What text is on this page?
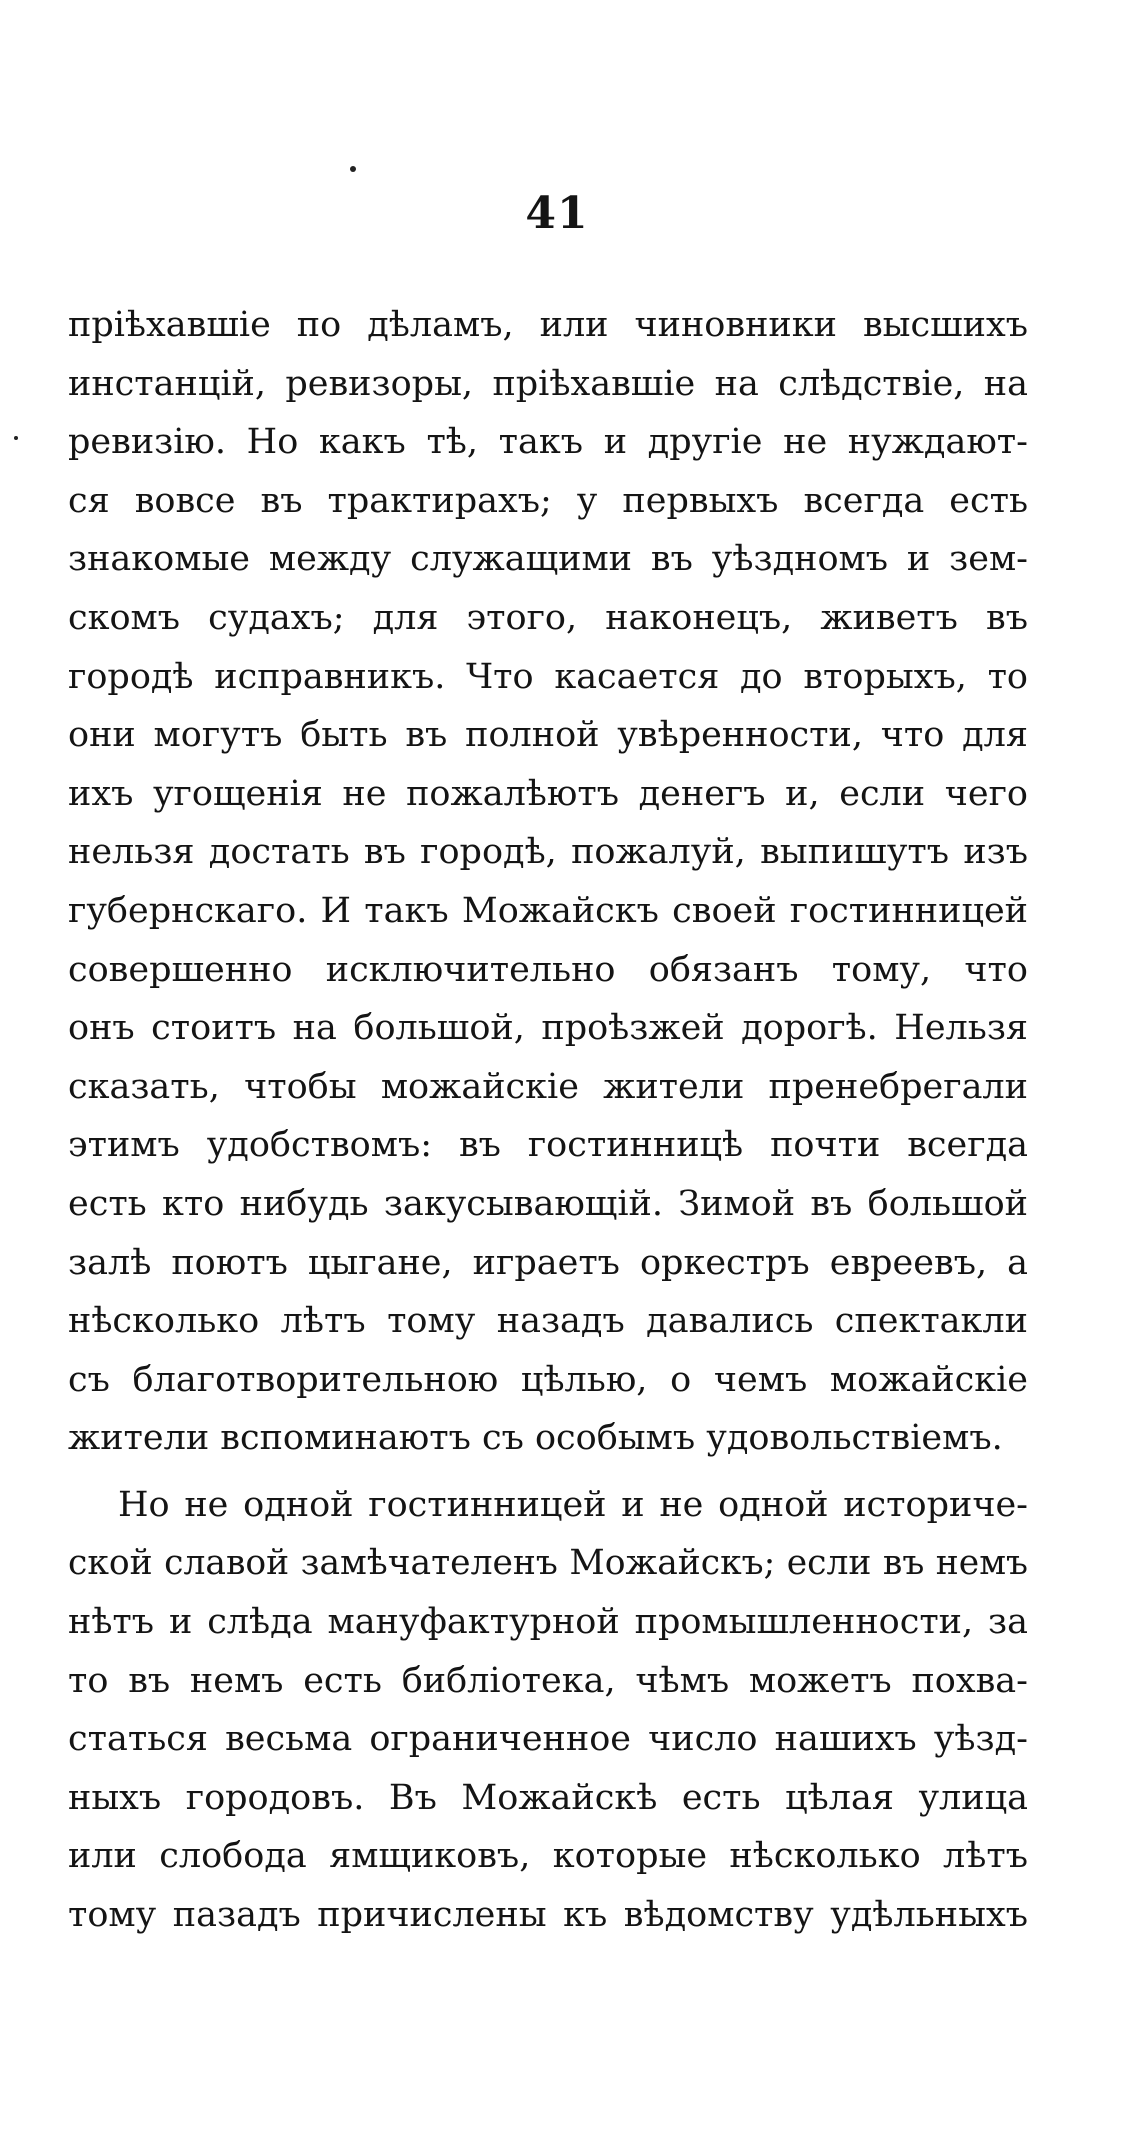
41
пріѣхавшіе по дѣламъ, или чиновники высшихъ
инстанцій, ревизоры, пріѣхавшіе на слѣдствіе, на
ревизію. Но какъ тѣ, такъ и другіе не нуждают-
ся вовсе въ трактирахъ; у первыхъ всегда есть
знакомые между служащими въ уѣздномъ и зем-
скомъ судахъ; для этого, наконецъ, живетъ въ
городѣ исправникъ. Что касается до вторыхъ, то
они могутъ быть въ полной увѣренности, что для
ихъ угощенія не пожалѣютъ денегъ и, если чего
нельзя достать въ городѣ, пожалуй, выпишутъ изъ
губернскаго. И такъ Можайскъ своей гостинницей
совершенно исключительно обязанъ тому, что
онъ стоитъ на большой, проѣзжей дорогѣ. Нельзя
сказать, чтобы можайскіе жители пренебрегали
этимъ удобствомъ: въ гостинницѣ почти всегда
есть кто нибудь закусывающій. Зимой въ большой
залѣ поютъ цыгане, играетъ оркестръ евреевъ, а
нѣсколько лѣтъ тому назадъ давались спектакли
съ благотворительною цѣлью, о чемъ можайскіе
жители вспоминаютъ съ особымъ удовольствіемъ.
Но не одной гостинницей и не одной историче-
ской славой замѣчателенъ Можайскъ; если въ немъ
нѣтъ и слѣда мануфактурной промышленности, за
то въ немъ есть библіотека, чѣмъ можетъ похва-
статься весьма ограниченное число нашихъ уѣзд-
ныхъ городовъ. Въ Можайскѣ есть цѣлая улица
или слобода ямщиковъ, которые нѣсколько лѣтъ
тому пазадъ причислены къ вѣдомству удѣльныхъ
